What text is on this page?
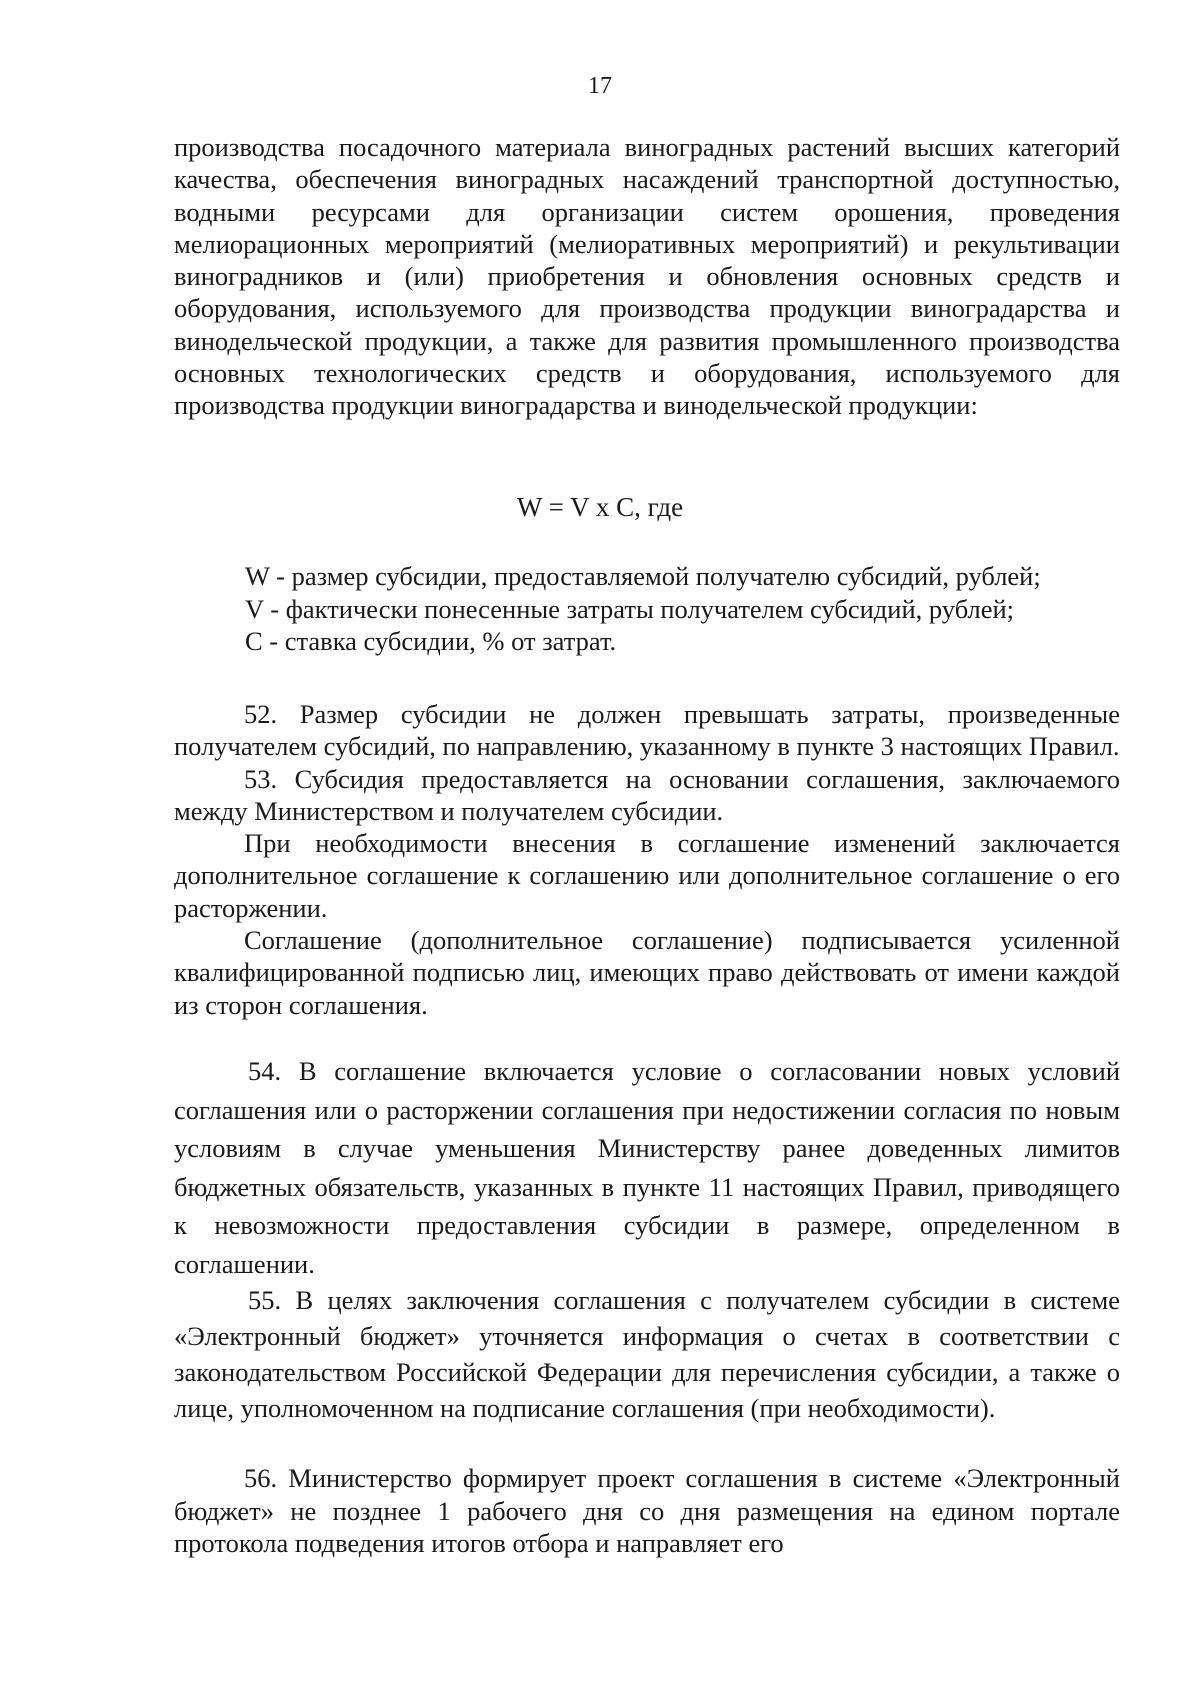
17

производства посадочного материала виноградных растений высших категорий качества, обеспечения виноградных насаждений транспортной доступностью, водными ресурсами для организации систем орошения, проведения мелиорационных мероприятий (мелиоративных мероприятий) и рекультивации виноградников и (или) приобретения и обновления основных средств и оборудования, используемого для производства продукции виноградарства и винодельческой продукции, а также для развития промышленного производства основных технологических средств и оборудования, используемого для производства продукции виноградарства и винодельческой продукции:

W = V x C, где
W - размер субсидии, предоставляемой получателю субсидий, рублей;
V - фактически понесенные затраты получателем субсидий, рублей;
C - ставка субсидии, % от затрат.

52. Размер субсидии не должен превышать затраты, произведенные получателем субсидий, по направлению, указанному в пункте 3 настоящих Правил.

53. Субсидия предоставляется на основании соглашения, заключаемого между Министерством и получателем субсидии.

При необходимости внесения в соглашение изменений заключается дополнительное соглашение к соглашению или дополнительное соглашение о его расторжении.

Соглашение (дополнительное соглашение) подписывается усиленной квалифицированной подписью лиц, имеющих право действовать от имени каждой из сторон соглашения.

54. В соглашение включается условие о согласовании новых условий соглашения или о расторжении соглашения при недостижении согласия по новым условиям в случае уменьшения Министерству ранее доведенных лимитов бюджетных обязательств, указанных в пункте 11 настоящих Правил, приводящего к невозможности предоставления субсидии в размере, определенном в соглашении.

55. В целях заключения соглашения с получателем субсидии в системе «Электронный бюджет» уточняется информация о счетах в соответствии с законодательством Российской Федерации для перечисления субсидии, а также о лице, уполномоченном на подписание соглашения (при необходимости).

56. Министерство формирует проект соглашения в системе «Электронный бюджет» не позднее 1 рабочего дня со дня размещения на едином портале протокола подведения итогов отбора и направляет его
